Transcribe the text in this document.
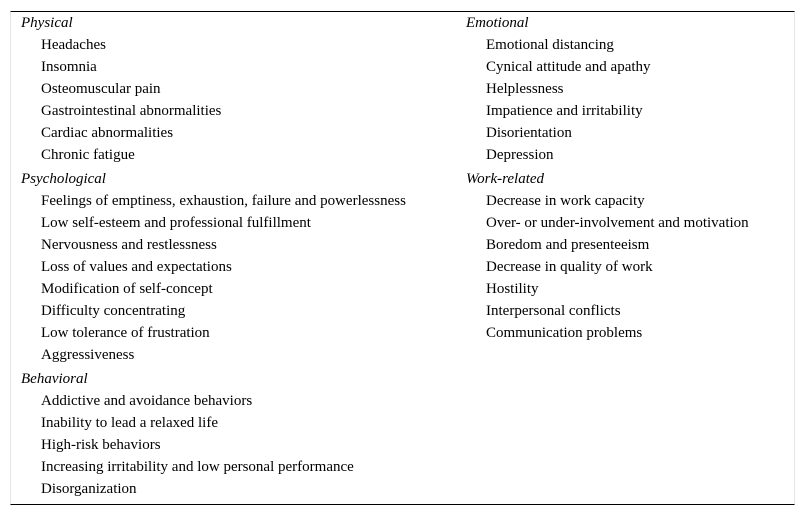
Physical
Headaches
Insomnia
Osteomuscular pain
Gastrointestinal abnormalities
Cardiac abnormalities
Chronic fatigue
Psychological
Feelings of emptiness, exhaustion, failure and powerlessness
Low self-esteem and professional fulfillment
Nervousness and restlessness
Loss of values and expectations
Modification of self-concept
Difficulty concentrating
Low tolerance of frustration
Aggressiveness
Behavioral
Addictive and avoidance behaviors
Inability to lead a relaxed life
High-risk behaviors
Increasing irritability and low personal performance
Disorganization
Emotional
Emotional distancing
Cynical attitude and apathy
Helplessness
Impatience and irritability
Disorientation
Depression
Work-related
Decrease in work capacity
Over- or under-involvement and motivation
Boredom and presenteeism
Decrease in quality of work
Hostility
Interpersonal conflicts
Communication problems
